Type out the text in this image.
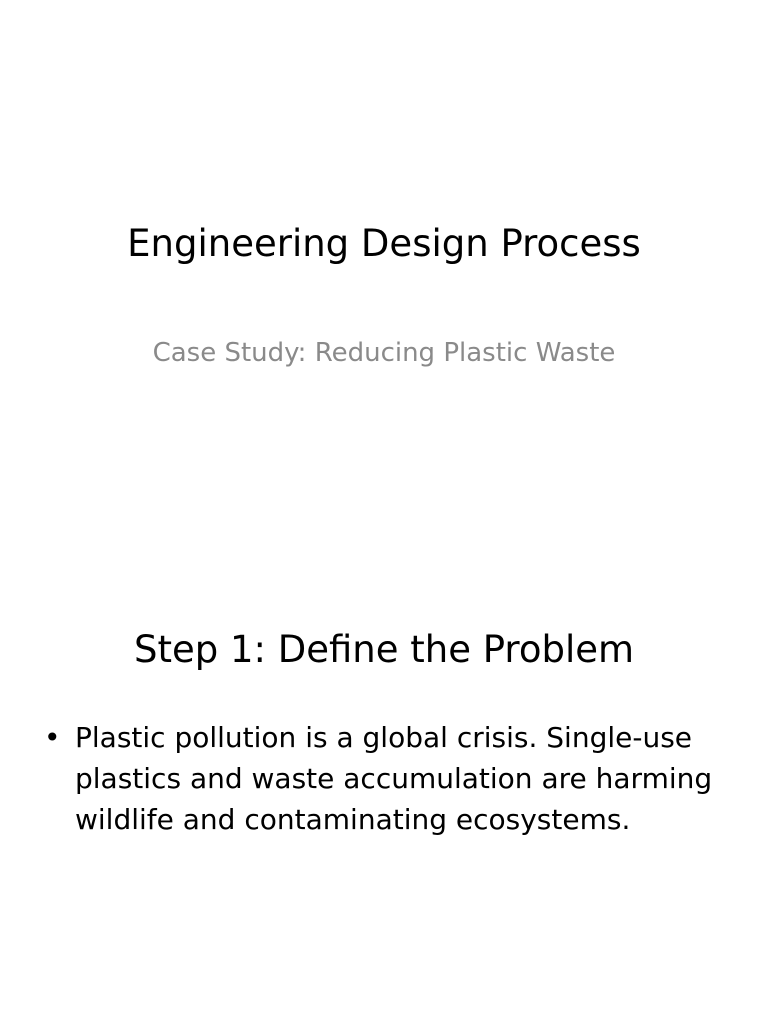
Engineering Design Process

Case Study: Reducing Plastic Waste

Step 1: Define the Problem
• Plastic pollution is a global crisis. Single-use plastics and waste accumulation are harming wildlife and contaminating ecosystems.
